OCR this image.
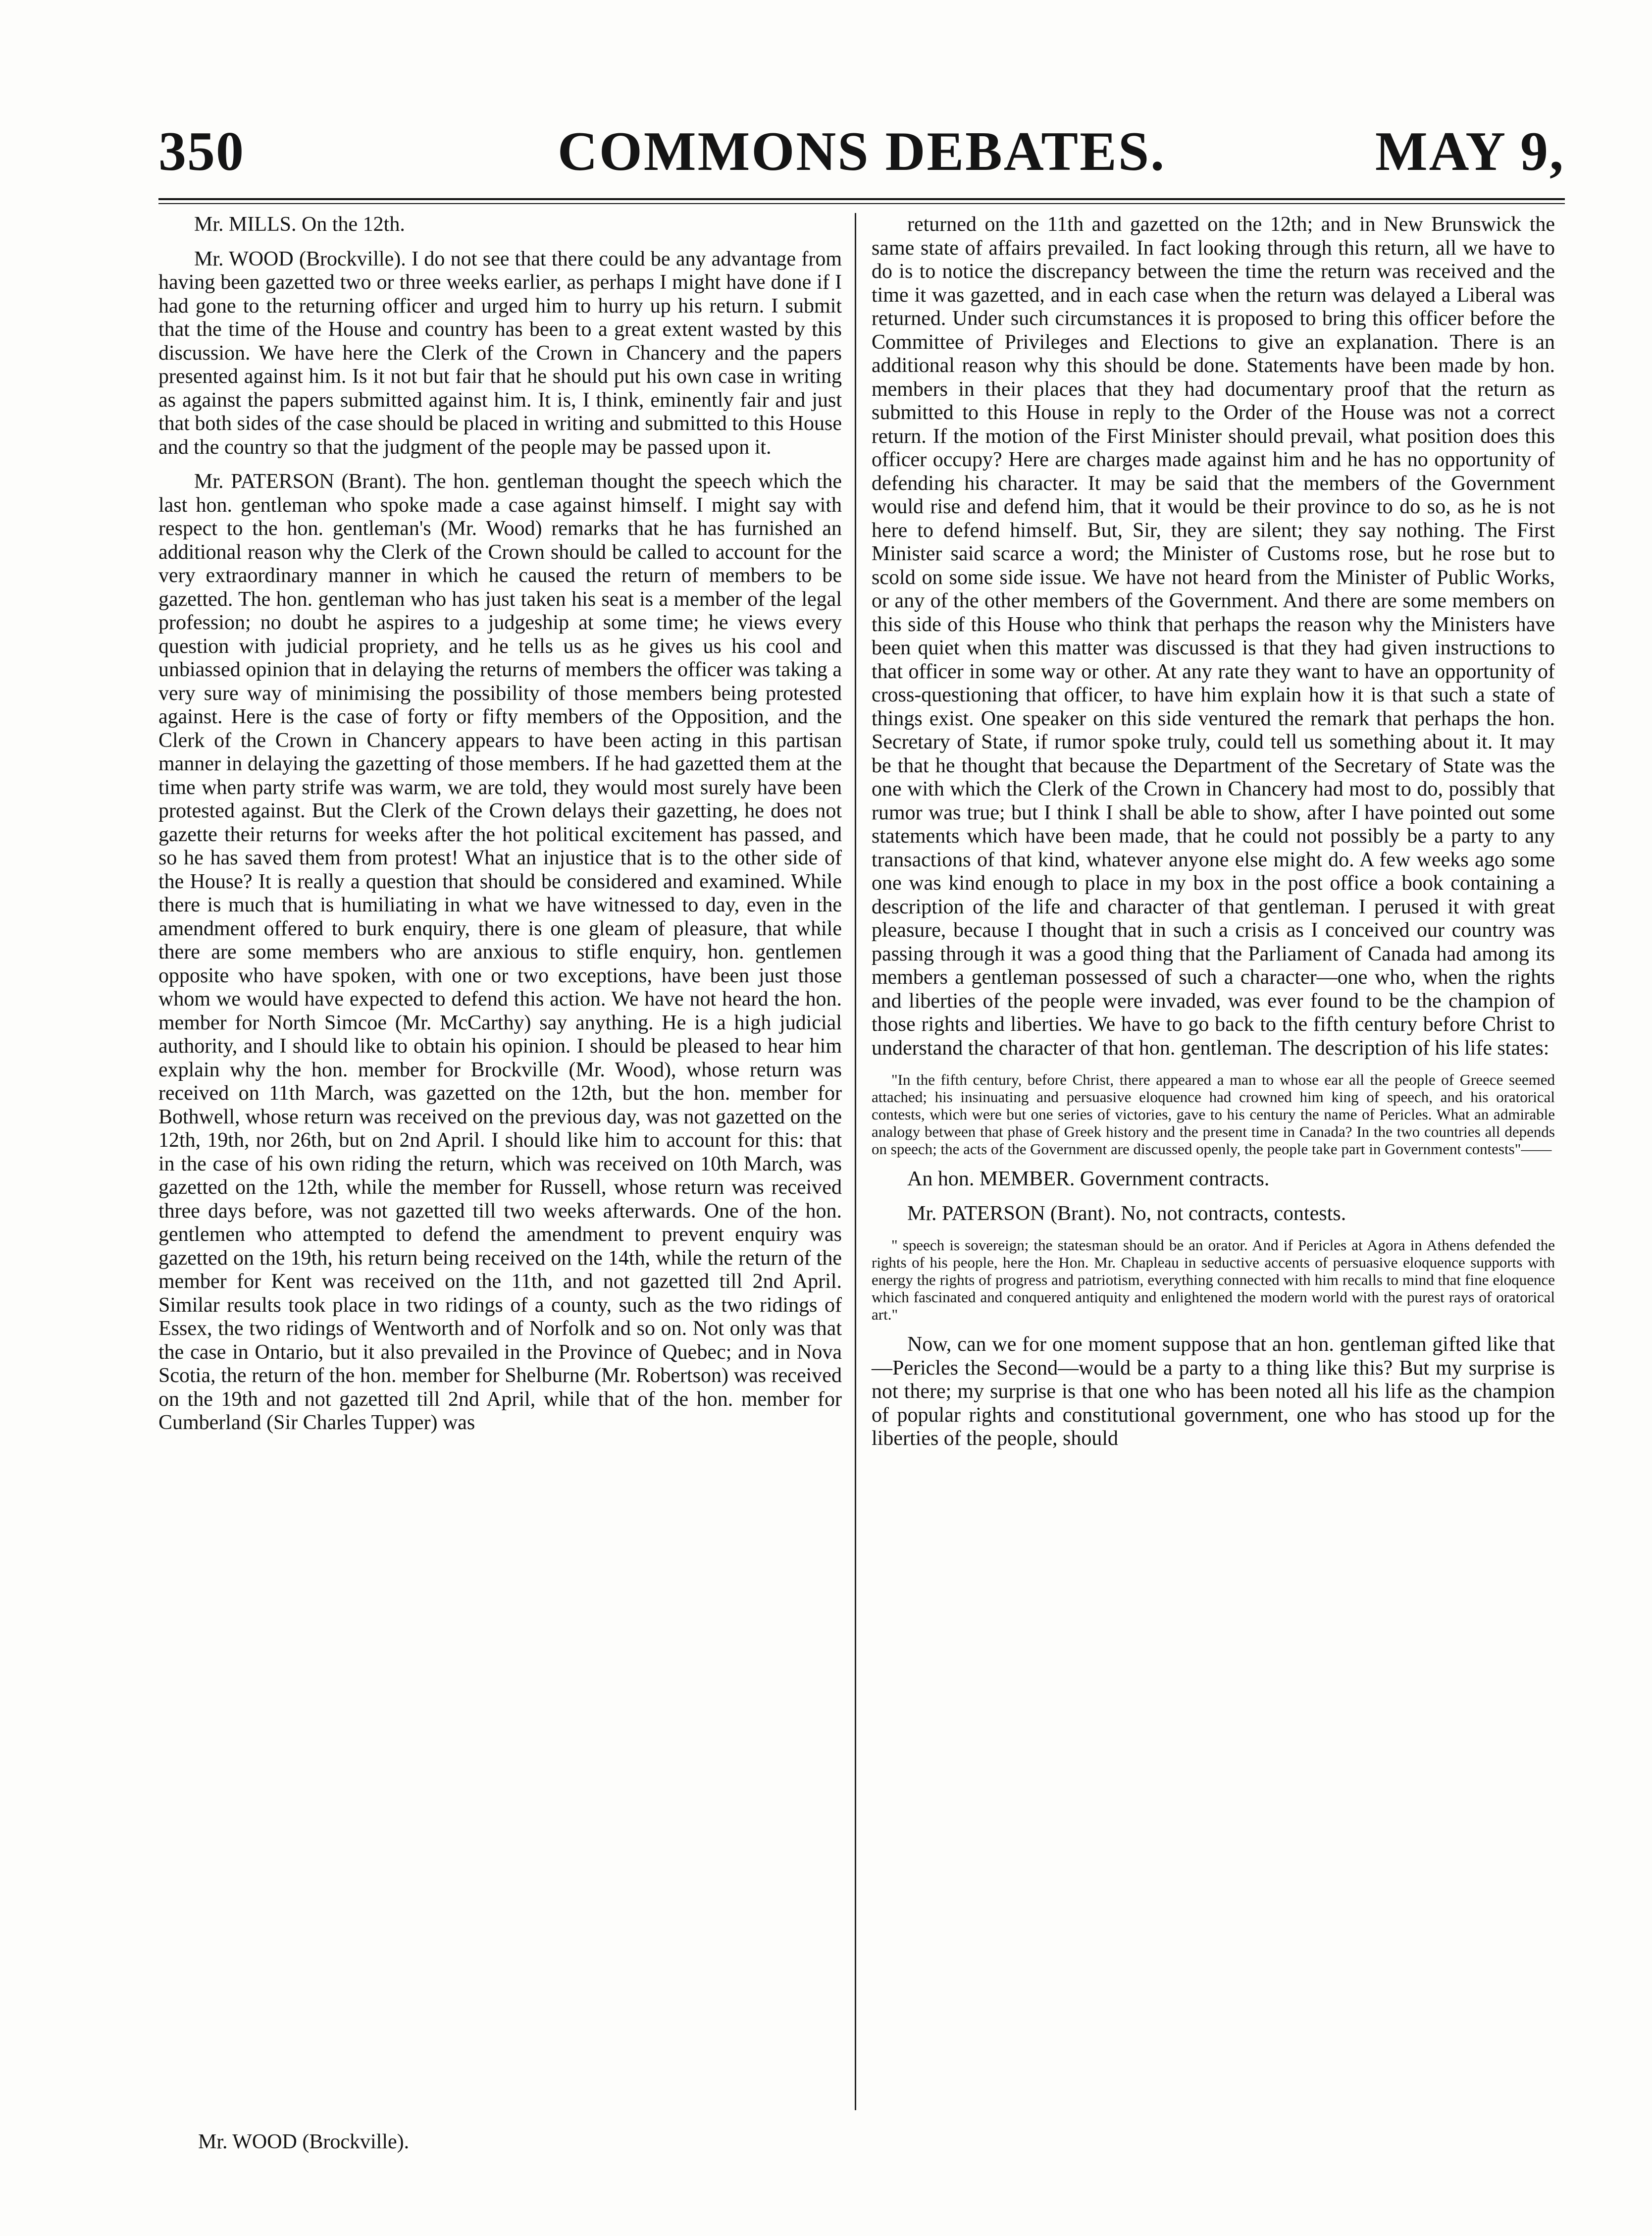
350	COMMONS DEBATES.	MAY 9,

Mr. MILLS. On the 12th.

Mr. WOOD (Brockville). I do not see that there could be any advantage from having been gazetted two or three weeks earlier, as perhaps I might have done if I had gone to the returning officer and urged him to hurry up his return. I submit that the time of the House and country has been to a great extent wasted by this discussion. We have here the Clerk of the Crown in Chancery and the papers presented against him. Is it not but fair that he should put his own case in writing as against the papers submitted against him. It is, I think, eminently fair and just that both sides of the case should be placed in writing and submitted to this House and the country so that the judgment of the people may be passed upon it.

Mr. PATERSON (Brant). The hon. gentleman thought the speech which the last hon. gentleman who spoke made a case against himself. I might say with respect to the hon. gentleman's (Mr. Wood) remarks that he has furnished an additional reason why the Clerk of the Crown should be called to account for the very extraordinary manner in which he caused the return of members to be gazetted. The hon. gentleman who has just taken his seat is a member of the legal profession; no doubt he aspires to a judgeship at some time; he views every question with judicial propriety, and he tells us as he gives us his cool and unbiassed opinion that in delaying the returns of members the officer was taking a very sure way of minimising the possibility of those members being protested against. Here is the case of forty or fifty members of the Opposition, and the Clerk of the Crown in Chancery appears to have been acting in this partisan manner in delaying the gazetting of those members. If he had gazetted them at the time when party strife was warm, we are told, they would most surely have been protested against. But the Clerk of the Crown delays their gazetting, he does not gazette their returns for weeks after the hot political excitement has passed, and so he has saved them from protest! What an injustice that is to the other side of the House? It is really a question that should be considered and examined. While there is much that is humiliating in what we have witnessed to day, even in the amendment offered to burk enquiry, there is one gleam of pleasure, that while there are some members who are anxious to stifle enquiry, hon. gentlemen opposite who have spoken, with one or two exceptions, have been just those whom we would have expected to defend this action. We have not heard the hon. member for North Simcoe (Mr. McCarthy) say anything. He is a high judicial authority, and I should like to obtain his opinion. I should be pleased to hear him explain why the hon. member for Brockville (Mr. Wood), whose return was received on 11th March, was gazetted on the 12th, but the hon. member for Bothwell, whose return was received on the previous day, was not gazetted on the 12th, 19th, nor 26th, but on 2nd April. I should like him to account for this: that in the case of his own riding the return, which was received on 10th March, was gazetted on the 12th, while the member for Russell, whose return was received three days before, was not gazetted till two weeks afterwards. One of the hon. gentlemen who attempted to defend the amendment to prevent enquiry was gazetted on the 19th, his return being received on the 14th, while the return of the member for Kent was received on the 11th, and not gazetted till 2nd April. Similar results took place in two ridings of a county, such as the two ridings of Essex, the two ridings of Wentworth and of Norfolk and so on. Not only was that the case in Ontario, but it also prevailed in the Province of Quebec; and in Nova Scotia, the return of the hon. member for Shelburne (Mr. Robertson) was received on the 19th and not gazetted till 2nd April, while that of the hon. member for Cumberland (Sir Charles Tupper) was

returned on the 11th and gazetted on the 12th; and in New Brunswick the same state of affairs prevailed. In fact looking through this return, all we have to do is to notice the discrepancy between the time the return was received and the time it was gazetted, and in each case when the return was delayed a Liberal was returned. Under such circumstances it is proposed to bring this officer before the Committee of Privileges and Elections to give an explanation. There is an additional reason why this should be done. Statements have been made by hon. members in their places that they had documentary proof that the return as submitted to this House in reply to the Order of the House was not a correct return. If the motion of the First Minister should prevail, what position does this officer occupy? Here are charges made against him and he has no opportunity of defending his character. It may be said that the members of the Government would rise and defend him, that it would be their province to do so, as he is not here to defend himself. But, Sir, they are silent; they say nothing. The First Minister said scarce a word; the Minister of Customs rose, but he rose but to scold on some side issue. We have not heard from the Minister of Public Works, or any of the other members of the Government. And there are some members on this side of this House who think that perhaps the reason why the Ministers have been quiet when this matter was discussed is that they had given instructions to that officer in some way or other. At any rate they want to have an opportunity of cross-questioning that officer, to have him explain how it is that such a state of things exist. One speaker on this side ventured the remark that perhaps the hon. Secretary of State, if rumor spoke truly, could tell us something about it. It may be that he thought that because the Department of the Secretary of State was the one with which the Clerk of the Crown in Chancery had most to do, possibly that rumor was true; but I think I shall be able to show, after I have pointed out some statements which have been made, that he could not possibly be a party to any transactions of that kind, whatever anyone else might do. A few weeks ago some one was kind enough to place in my box in the post office a book containing a description of the life and character of that gentleman. I perused it with great pleasure, because I thought that in such a crisis as I conceived our country was passing through it was a good thing that the Parliament of Canada had among its members a gentleman possessed of such a character—one who, when the rights and liberties of the people were invaded, was ever found to be the champion of those rights and liberties. We have to go back to the fifth century before Christ to understand the character of that hon. gentleman. The description of his life states:

"In the fifth century, before Christ, there appeared a man to whose ear all the people of Greece seemed attached; his insinuating and persuasive eloquence had crowned him king of speech, and his oratorical contests, which were but one series of victories, gave to his century the name of Pericles. What an admirable analogy between that phase of Greek history and the present time in Canada? In the two countries all depends on speech; the acts of the Government are discussed openly, the people take part in Government contests"——

An hon. MEMBER. Government contracts.

Mr. PATERSON (Brant). No, not contracts, contests.

" speech is sovereign; the statesman should be an orator. And if Pericles at Agora in Athens defended the rights of his people, here the Hon. Mr. Chapleau in seductive accents of persuasive eloquence supports with energy the rights of progress and patriotism, everything connected with him recalls to mind that fine eloquence which fascinated and conquered antiquity and enlightened the modern world with the purest rays of oratorical art."

Now, can we for one moment suppose that an hon. gentleman gifted like that—Pericles the Second—would be a party to a thing like this? But my surprise is not there; my surprise is that one who has been noted all his life as the champion of popular rights and constitutional government, one who has stood up for the liberties of the people, should

Mr. WOOD (Brockville).
